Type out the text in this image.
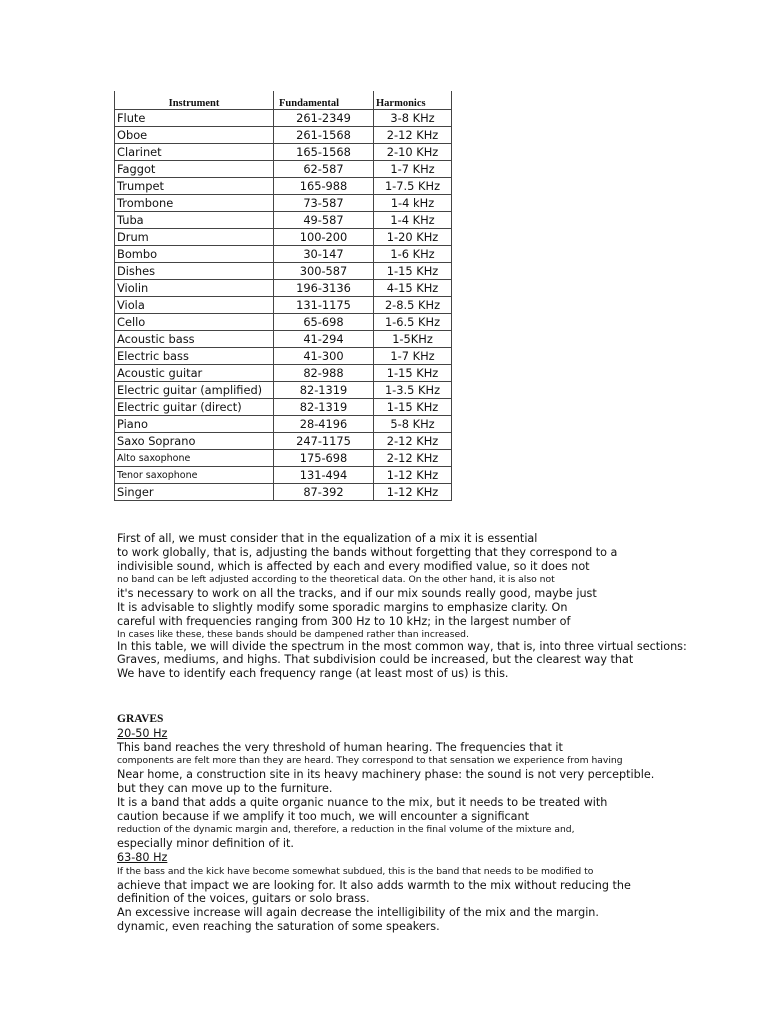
Instrument	Fundamental	Harmonics
Flute	261-2349	3-8 KHz
Oboe	261-1568	2-12 KHz
Clarinet	165-1568	2-10 KHz
Faggot	62-587	1-7 KHz
Trumpet	165-988	1-7.5 KHz
Trombone	73-587	1-4 kHz
Tuba	49-587	1-4 KHz
Drum	100-200	1-20 KHz
Bombo	30-147	1-6 KHz
Dishes	300-587	1-15 KHz
Violin	196-3136	4-15 KHz
Viola	131-1175	2-8.5 KHz
Cello	65-698	1-6.5 KHz
Acoustic bass	41-294	1-5KHz
Electric bass	41-300	1-7 KHz
Acoustic guitar	82-988	1-15 KHz
Electric guitar (amplified)	82-1319	1-3.5 KHz
Electric guitar (direct)	82-1319	1-15 KHz
Piano	28-4196	5-8 KHz
Saxo Soprano	247-1175	2-12 KHz
Alto saxophone	175-698	2-12 KHz
Tenor saxophone	131-494	1-12 KHz
Singer	87-392	1-12 KHz
First of all, we must consider that in the equalization of a mix it is essential
to work globally, that is, adjusting the bands without forgetting that they correspond to a
indivisible sound, which is affected by each and every modified value, so it does not
no band can be left adjusted according to the theoretical data. On the other hand, it is also not
it's necessary to work on all the tracks, and if our mix sounds really good, maybe just
It is advisable to slightly modify some sporadic margins to emphasize clarity. On
careful with frequencies ranging from 300 Hz to 10 kHz; in the largest number of
In cases like these, these bands should be dampened rather than increased.
In this table, we will divide the spectrum in the most common way, that is, into three virtual sections:
Graves, mediums, and highs. That subdivision could be increased, but the clearest way that
We have to identify each frequency range (at least most of us) is this.
GRAVES
20-50 Hz
This band reaches the very threshold of human hearing. The frequencies that it
components are felt more than they are heard. They correspond to that sensation we experience from having
Near home, a construction site in its heavy machinery phase: the sound is not very perceptible.
but they can move up to the furniture.
It is a band that adds a quite organic nuance to the mix, but it needs to be treated with
caution because if we amplify it too much, we will encounter a significant
reduction of the dynamic margin and, therefore, a reduction in the final volume of the mixture and,
especially minor definition of it.
63-80 Hz
If the bass and the kick have become somewhat subdued, this is the band that needs to be modified to
achieve that impact we are looking for. It also adds warmth to the mix without reducing the
definition of the voices, guitars or solo brass.
An excessive increase will again decrease the intelligibility of the mix and the margin.
dynamic, even reaching the saturation of some speakers.
